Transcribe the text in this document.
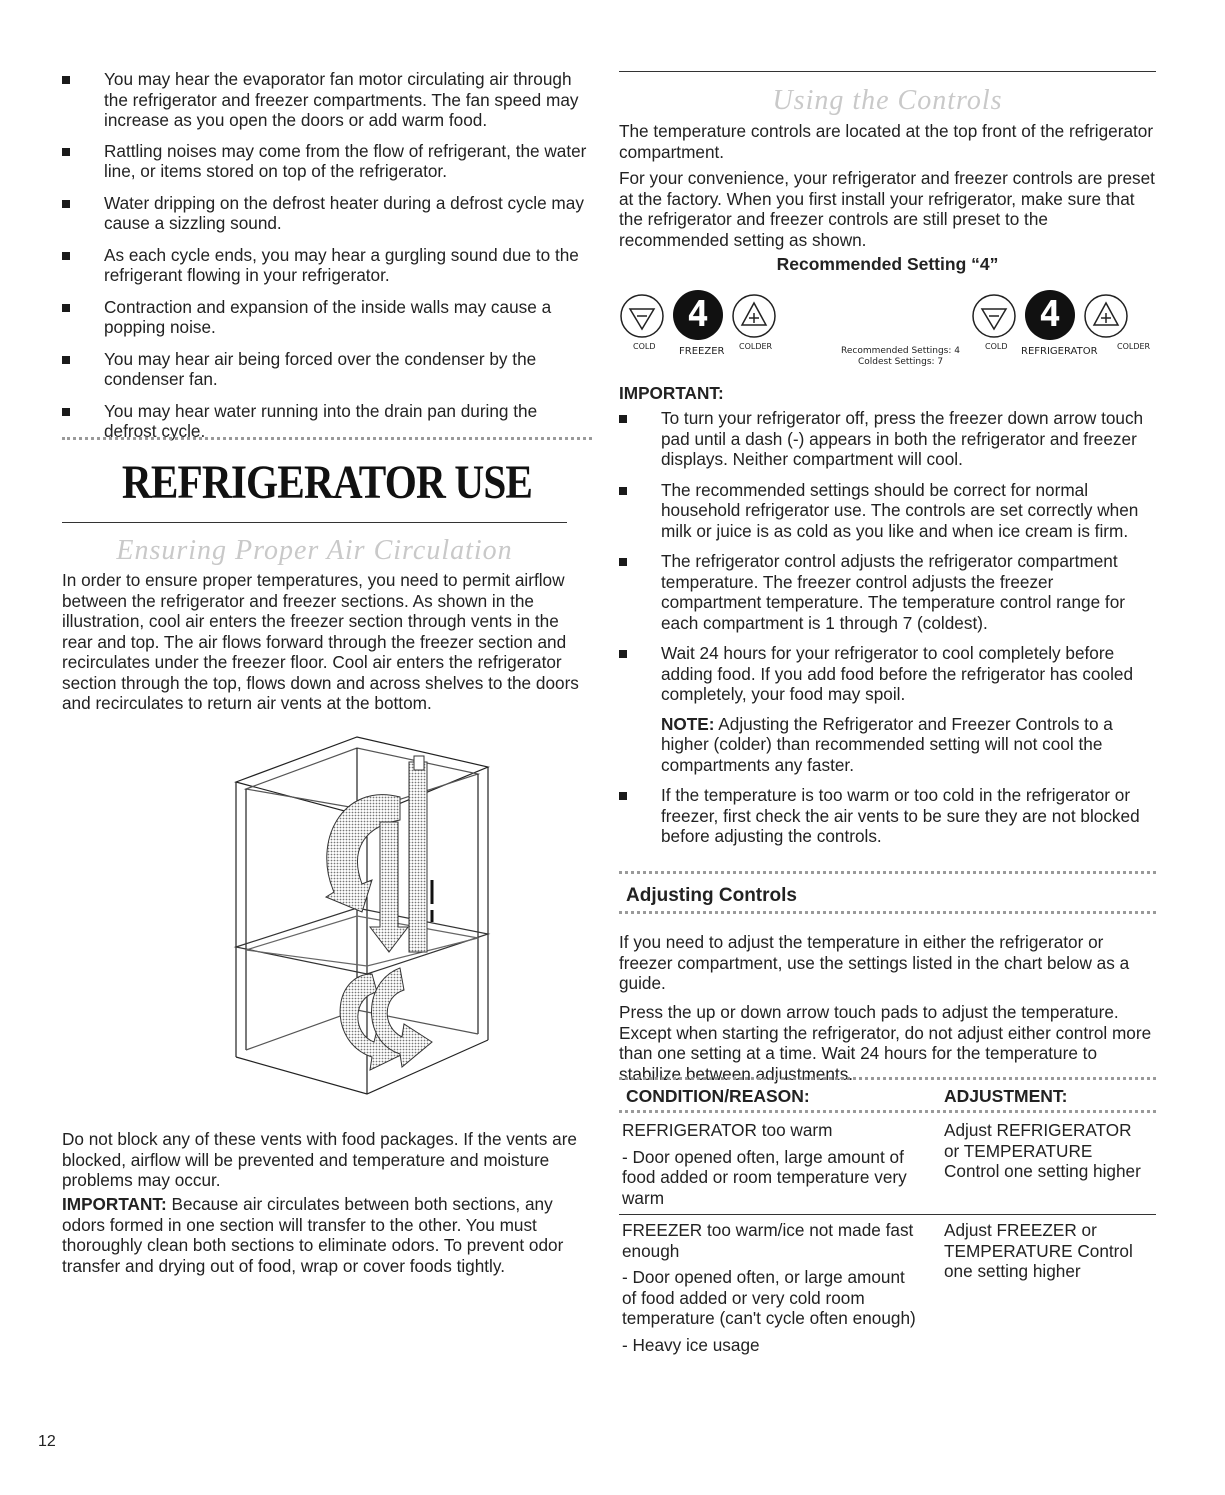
You may hear the evaporator fan motor circulating air through the refrigerator and freezer compartments. The fan speed may increase as you open the doors or add warm food.
Rattling noises may come from the flow of refrigerant, the water line, or items stored on top of the refrigerator.
Water dripping on the defrost heater during a defrost cycle may cause a sizzling sound.
As each cycle ends, you may hear a gurgling sound due to the refrigerant flowing in your refrigerator.
Contraction and expansion of the inside walls may cause a popping noise.
You may hear air being forced over the condenser by the condenser fan.
You may hear water running into the drain pan during the defrost cycle.
REFRIGERATOR USE
Ensuring Proper Air Circulation

In order to ensure proper temperatures, you need to permit airflow between the refrigerator and freezer sections. As shown in the illustration, cool air enters the freezer section through vents in the rear and top. The air flows forward through the freezer section and recirculates under the freezer floor. Cool air enters the refrigerator section through the top, flows down and across shelves to the doors and recirculates to return air vents at the bottom.

Do not block any of these vents with food packages. If the vents are blocked, airflow will be prevented and temperature and moisture problems may occur.

IMPORTANT: Because air circulates between both sections, any odors formed in one section will transfer to the other. You must thoroughly clean both sections to eliminate odors. To prevent odor transfer and drying out of food, wrap or cover foods tightly.

Using the Controls

The temperature controls are located at the top front of the refrigerator compartment.

For your convenience, your refrigerator and freezer controls are preset at the factory. When you first install your refrigerator, make sure that the refrigerator and freezer controls are still preset to the recommended setting as shown.

Recommended Setting “4”
4
COLD FREEZER COLDER	Recommended Settings: 4
Coldest Settings: 7
4
COLD REFRIGERATOR COLDER
IMPORTANT:
To turn your refrigerator off, press the freezer down arrow touch pad until a dash (-) appears in both the refrigerator and freezer displays. Neither compartment will cool.
The recommended settings should be correct for normal household refrigerator use. The controls are set correctly when milk or juice is as cold as you like and when ice cream is firm.
The refrigerator control adjusts the refrigerator compartment temperature. The freezer control adjusts the freezer compartment temperature. The temperature control range for each compartment is 1 through 7 (coldest).
Wait 24 hours for your refrigerator to cool completely before adding food. If you add food before the refrigerator has cooled completely, your food may spoil.
NOTE: Adjusting the Refrigerator and Freezer Controls to a higher (colder) than recommended setting will not cool the compartments any faster.
If the temperature is too warm or too cold in the refrigerator or freezer, first check the air vents to be sure they are not blocked before adjusting the controls.
Adjusting Controls

If you need to adjust the temperature in either the refrigerator or freezer compartment, use the settings listed in the chart below as a guide.

Press the up or down arrow touch pads to adjust the temperature. Except when starting the refrigerator, do not adjust either control more than one setting at a time. Wait 24 hours for the temperature to stabilize between adjustments.

CONDITION/REASON:	ADJUSTMENT:

REFRIGERATOR too warm

- Door opened often, large amount of food added or room temperature very warm

Adjust REFRIGERATOR or TEMPERATURE Control one setting higher

FREEZER too warm/ice not made fast enough

- Door opened often, or large amount of food added or very cold room temperature (can't cycle often enough)

- Heavy ice usage

Adjust FREEZER or TEMPERATURE Control one setting higher

12
